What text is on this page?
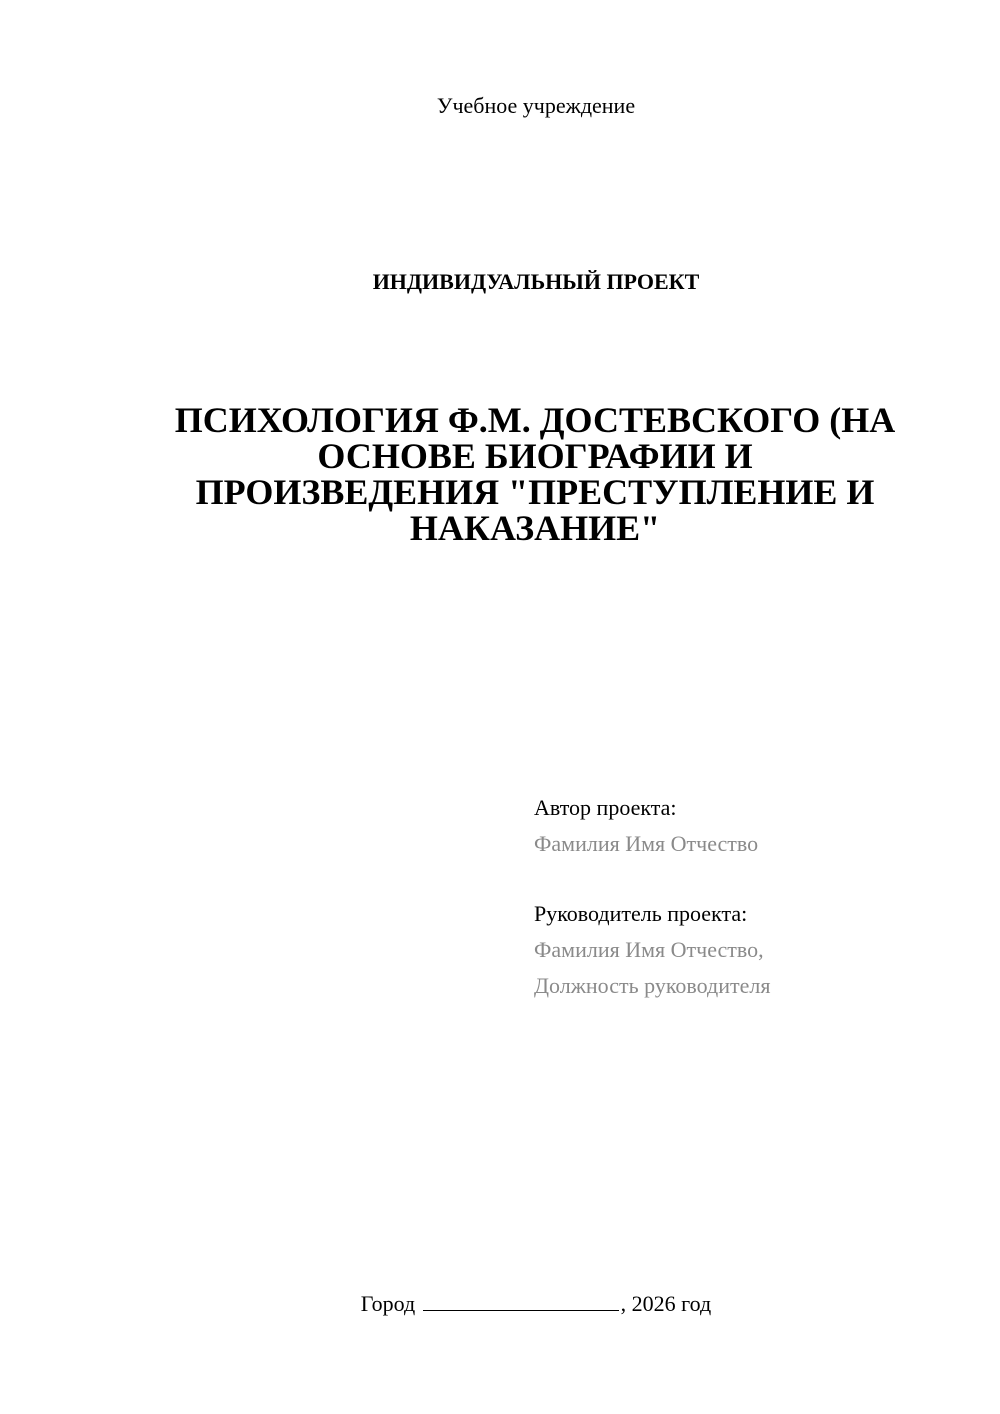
Учебное учреждение
ИНДИВИДУАЛЬНЫЙ ПРОЕКТ
ПСИХОЛОГИЯ Ф.М. ДОСТЕВСКОГО (НА
ОСНОВЕ БИОГРАФИИ И
ПРОИЗВЕДЕНИЯ "ПРЕСТУПЛЕНИЕ И
НАКАЗАНИЕ"
Автор проекта:
Фамилия Имя Отчество
Руководитель проекта:
Фамилия Имя Отчество,
Должность руководителя
Город	, 2026 год
